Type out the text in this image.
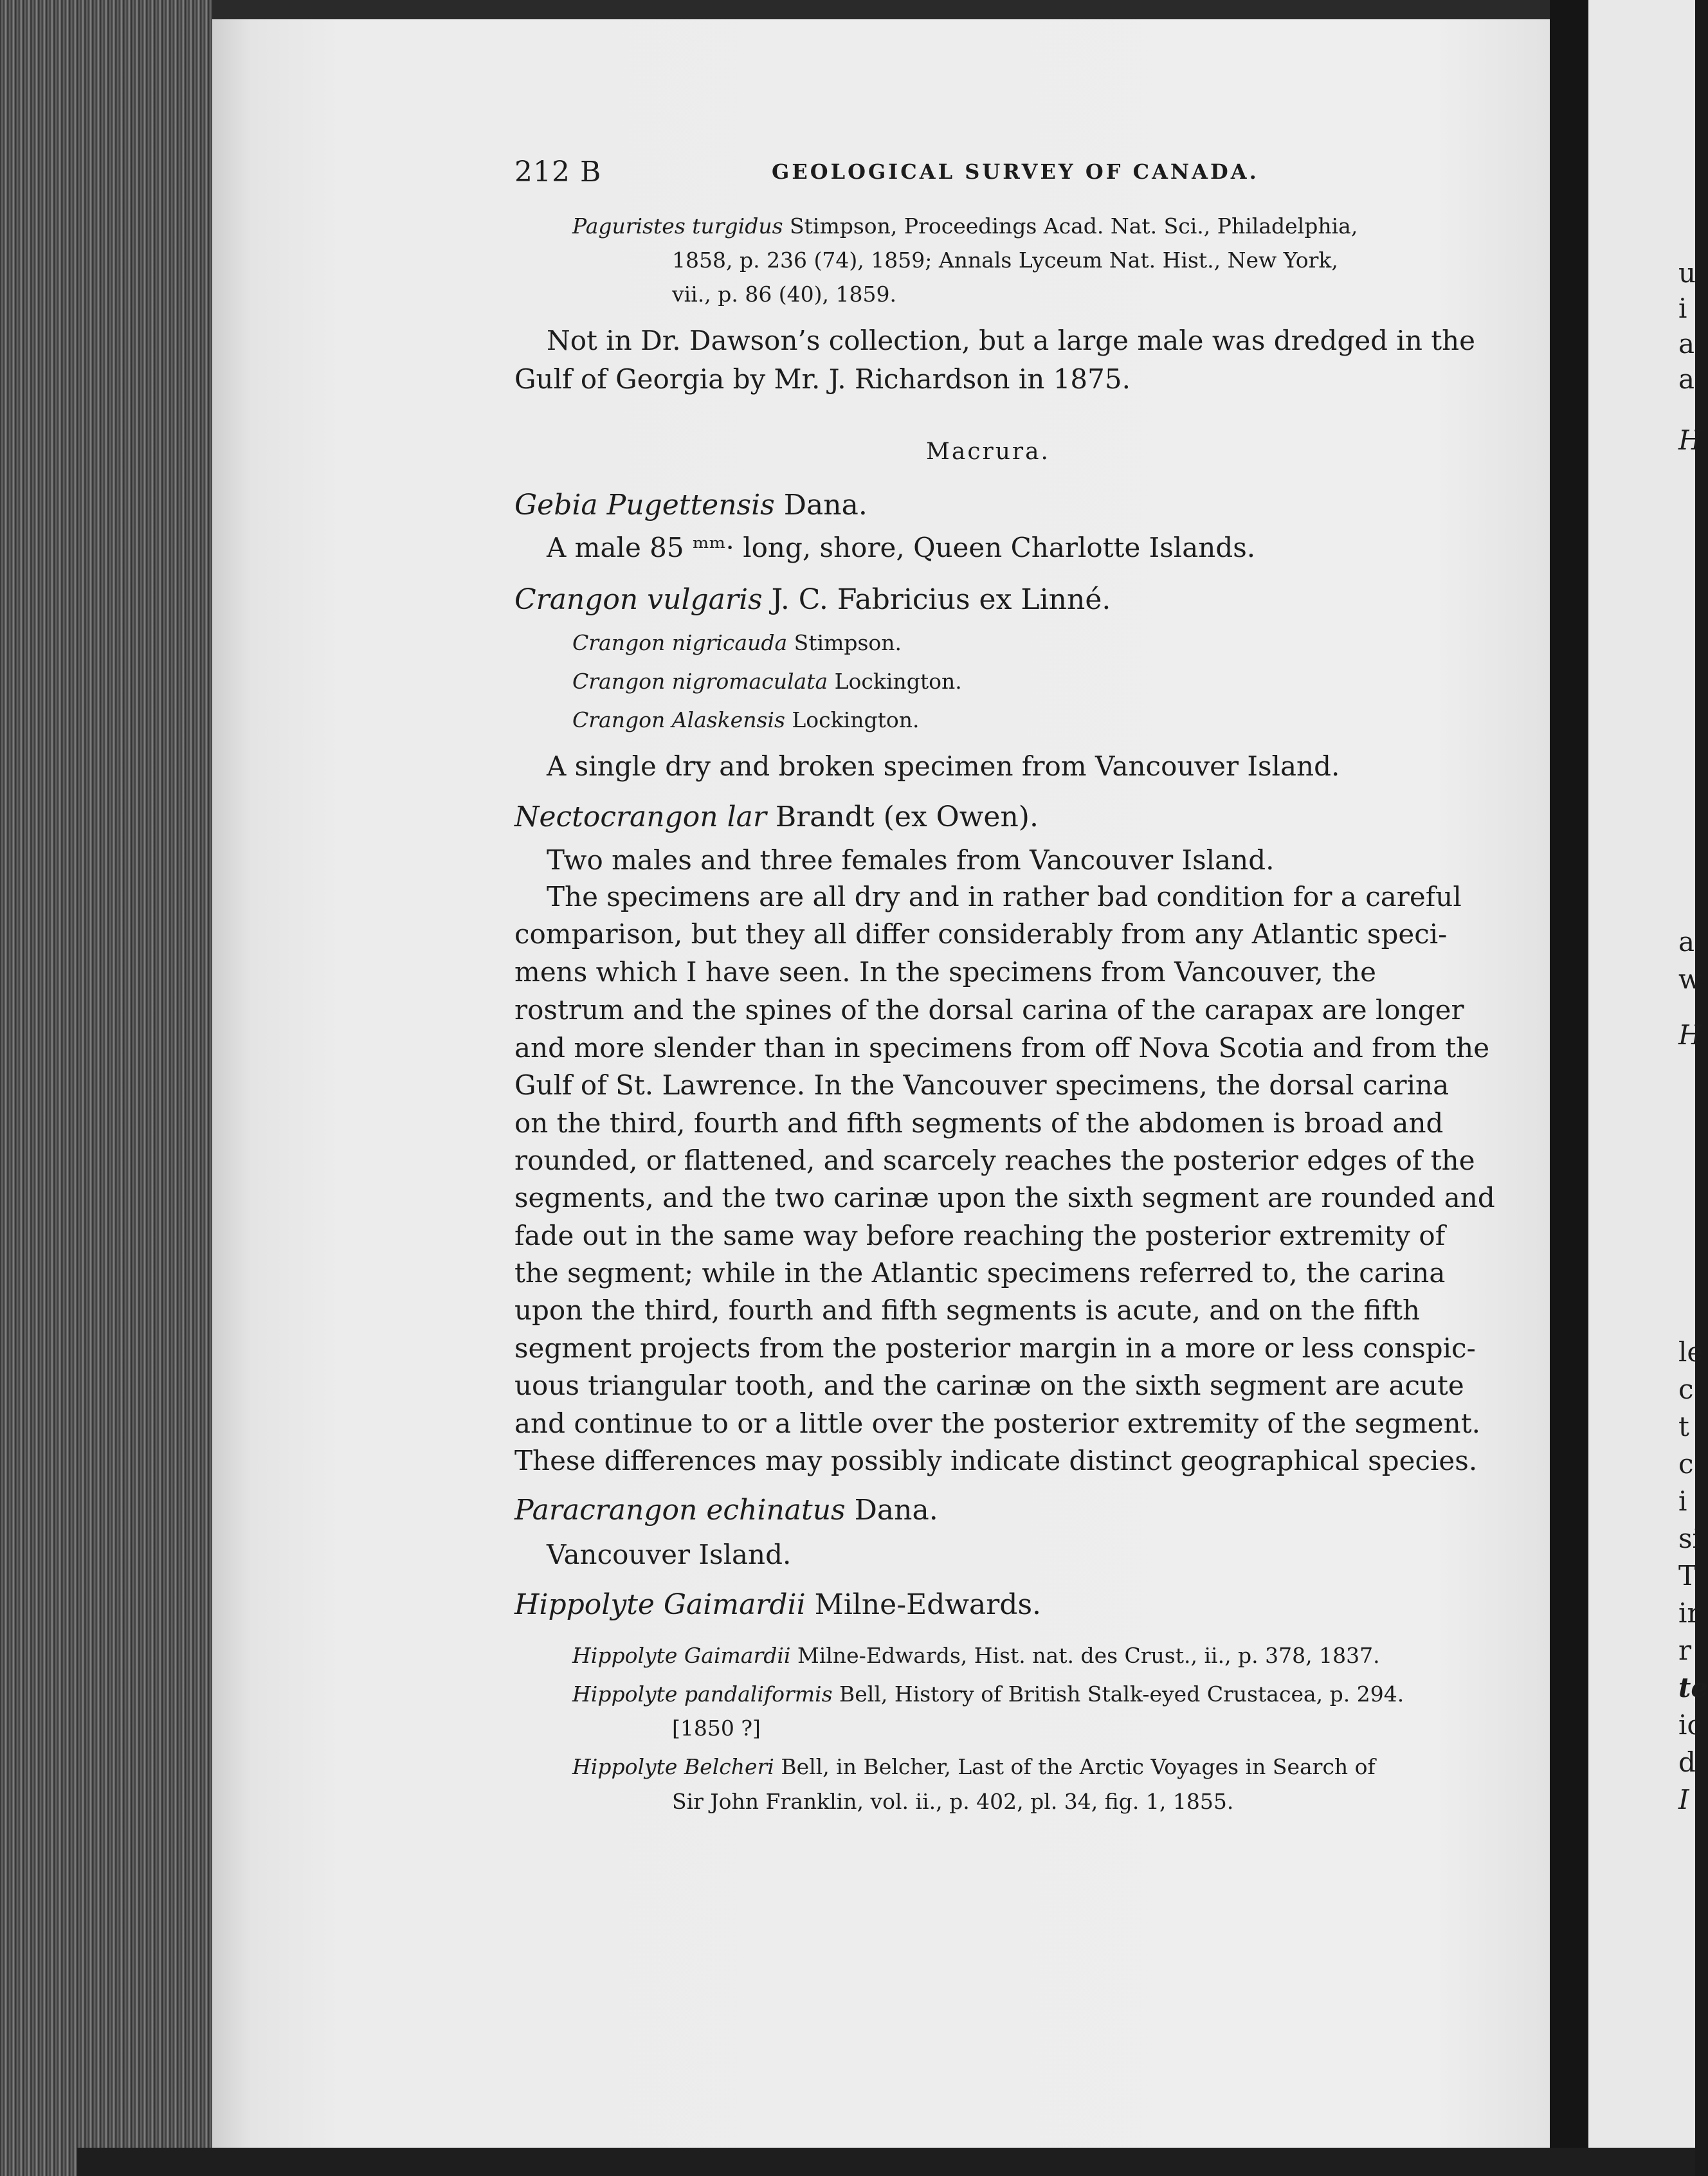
212 B	GEOLOGICAL SURVEY OF CANADA.
Paguristes turgidus Stimpson, Proceedings Acad. Nat. Sci., Philadelphia,
1858, p. 236 (74), 1859; Annals Lyceum Nat. Hist., New York,
vii., p. 86 (40), 1859.
Not in Dr. Dawson’s collection, but a large male was dredged in the
Gulf of Georgia by Mr. J. Richardson in 1875.
Macrura.
Gebia Pugettensis Dana.
A male 85 ᵐᵐ· long, shore, Queen Charlotte Islands.
Crangon vulgaris J. C. Fabricius ex Linné.
Crangon nigricauda Stimpson.
Crangon nigromaculata Lockington.
Crangon Alaskensis Lockington.
A single dry and broken specimen from Vancouver Island.
Nectocrangon lar Brandt (ex Owen).
Two males and three females from Vancouver Island.
The specimens are all dry and in rather bad condition for a careful
comparison, but they all differ considerably from any Atlantic speci-
mens which I have seen. In the specimens from Vancouver, the
rostrum and the spines of the dorsal carina of the carapax are longer
and more slender than in specimens from off Nova Scotia and from the
Gulf of St. Lawrence. In the Vancouver specimens, the dorsal carina
on the third, fourth and fifth segments of the abdomen is broad and
rounded, or flattened, and scarcely reaches the posterior edges of the
segments, and the two carinæ upon the sixth segment are rounded and
fade out in the same way before reaching the posterior extremity of
the segment; while in the Atlantic specimens referred to, the carina
upon the third, fourth and fifth segments is acute, and on the fifth
segment projects from the posterior margin in a more or less conspic-
uous triangular tooth, and the carinæ on the sixth segment are acute
and continue to or a little over the posterior extremity of the segment.
These differences may possibly indicate distinct geographical species.
Paracrangon echinatus Dana.
Vancouver Island.
Hippolyte Gaimardii Milne-Edwards.
Hippolyte Gaimardii Milne-Edwards, Hist. nat. des Crust., ii., p. 378, 1837.
Hippolyte pandaliformis Bell, History of British Stalk-eyed Crustacea, p. 294.
[1850 ?]
Hippolyte Belcheri Bell, in Belcher, Last of the Arctic Voyages in Search of
Sir John Franklin, vol. ii., p. 402, pl. 34, fig. 1, 1855.
u
i
a
a
H
a
w
H
le
c
t
c
i
si
T
ir
r
te
ic
d
I
